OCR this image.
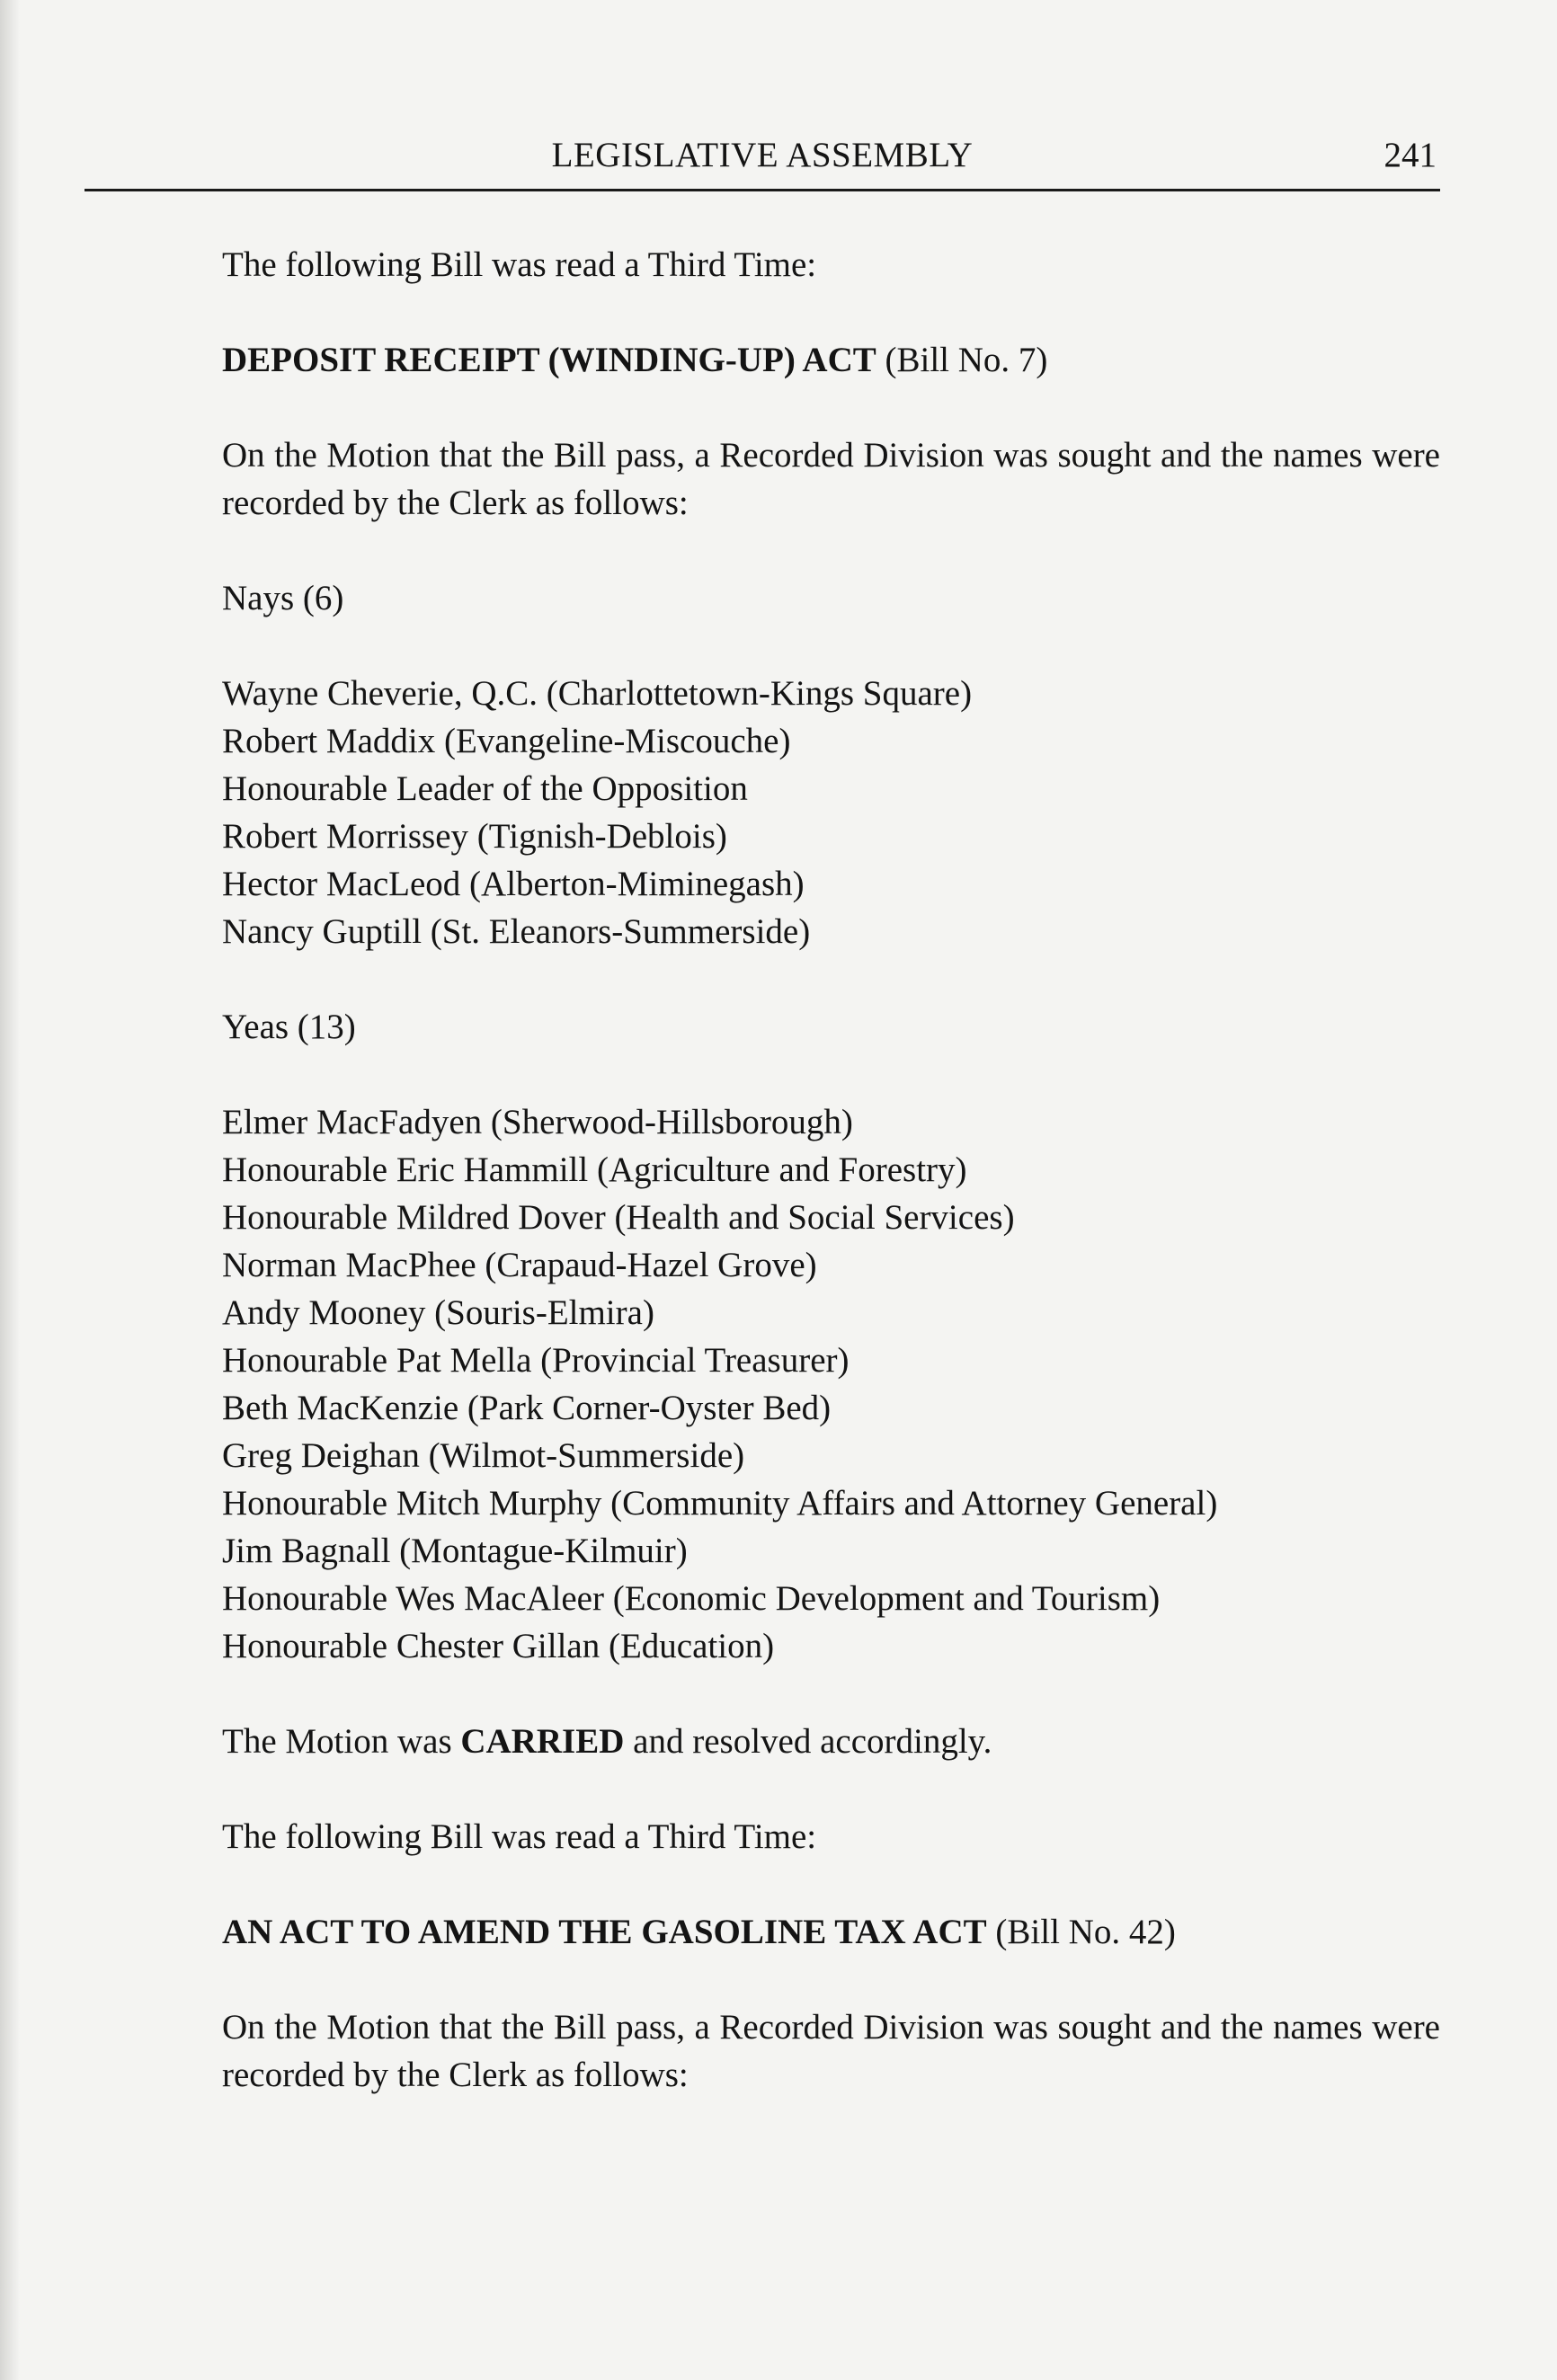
LEGISLATIVE ASSEMBLY	241

The following Bill was read a Third Time:

DEPOSIT RECEIPT (WINDING-UP) ACT (Bill No. 7)

On the Motion that the Bill pass, a Recorded Division was sought and the names were recorded by the Clerk as follows:

Nays (6)

Wayne Cheverie, Q.C. (Charlottetown-Kings Square)

Robert Maddix (Evangeline-Miscouche)

Honourable Leader of the Opposition

Robert Morrissey (Tignish-Deblois)

Hector MacLeod (Alberton-Miminegash)

Nancy Guptill (St. Eleanors-Summerside)

Yeas (13)

Elmer MacFadyen (Sherwood-Hillsborough)

Honourable Eric Hammill (Agriculture and Forestry)

Honourable Mildred Dover (Health and Social Services)

Norman MacPhee (Crapaud-Hazel Grove)

Andy Mooney (Souris-Elmira)

Honourable Pat Mella (Provincial Treasurer)

Beth MacKenzie (Park Corner-Oyster Bed)

Greg Deighan (Wilmot-Summerside)

Honourable Mitch Murphy (Community Affairs and Attorney General)

Jim Bagnall (Montague-Kilmuir)

Honourable Wes MacAleer (Economic Development and Tourism)

Honourable Chester Gillan (Education)

The Motion was CARRIED and resolved accordingly.

The following Bill was read a Third Time:

AN ACT TO AMEND THE GASOLINE TAX ACT (Bill No. 42)

On the Motion that the Bill pass, a Recorded Division was sought and the names were recorded by the Clerk as follows:
